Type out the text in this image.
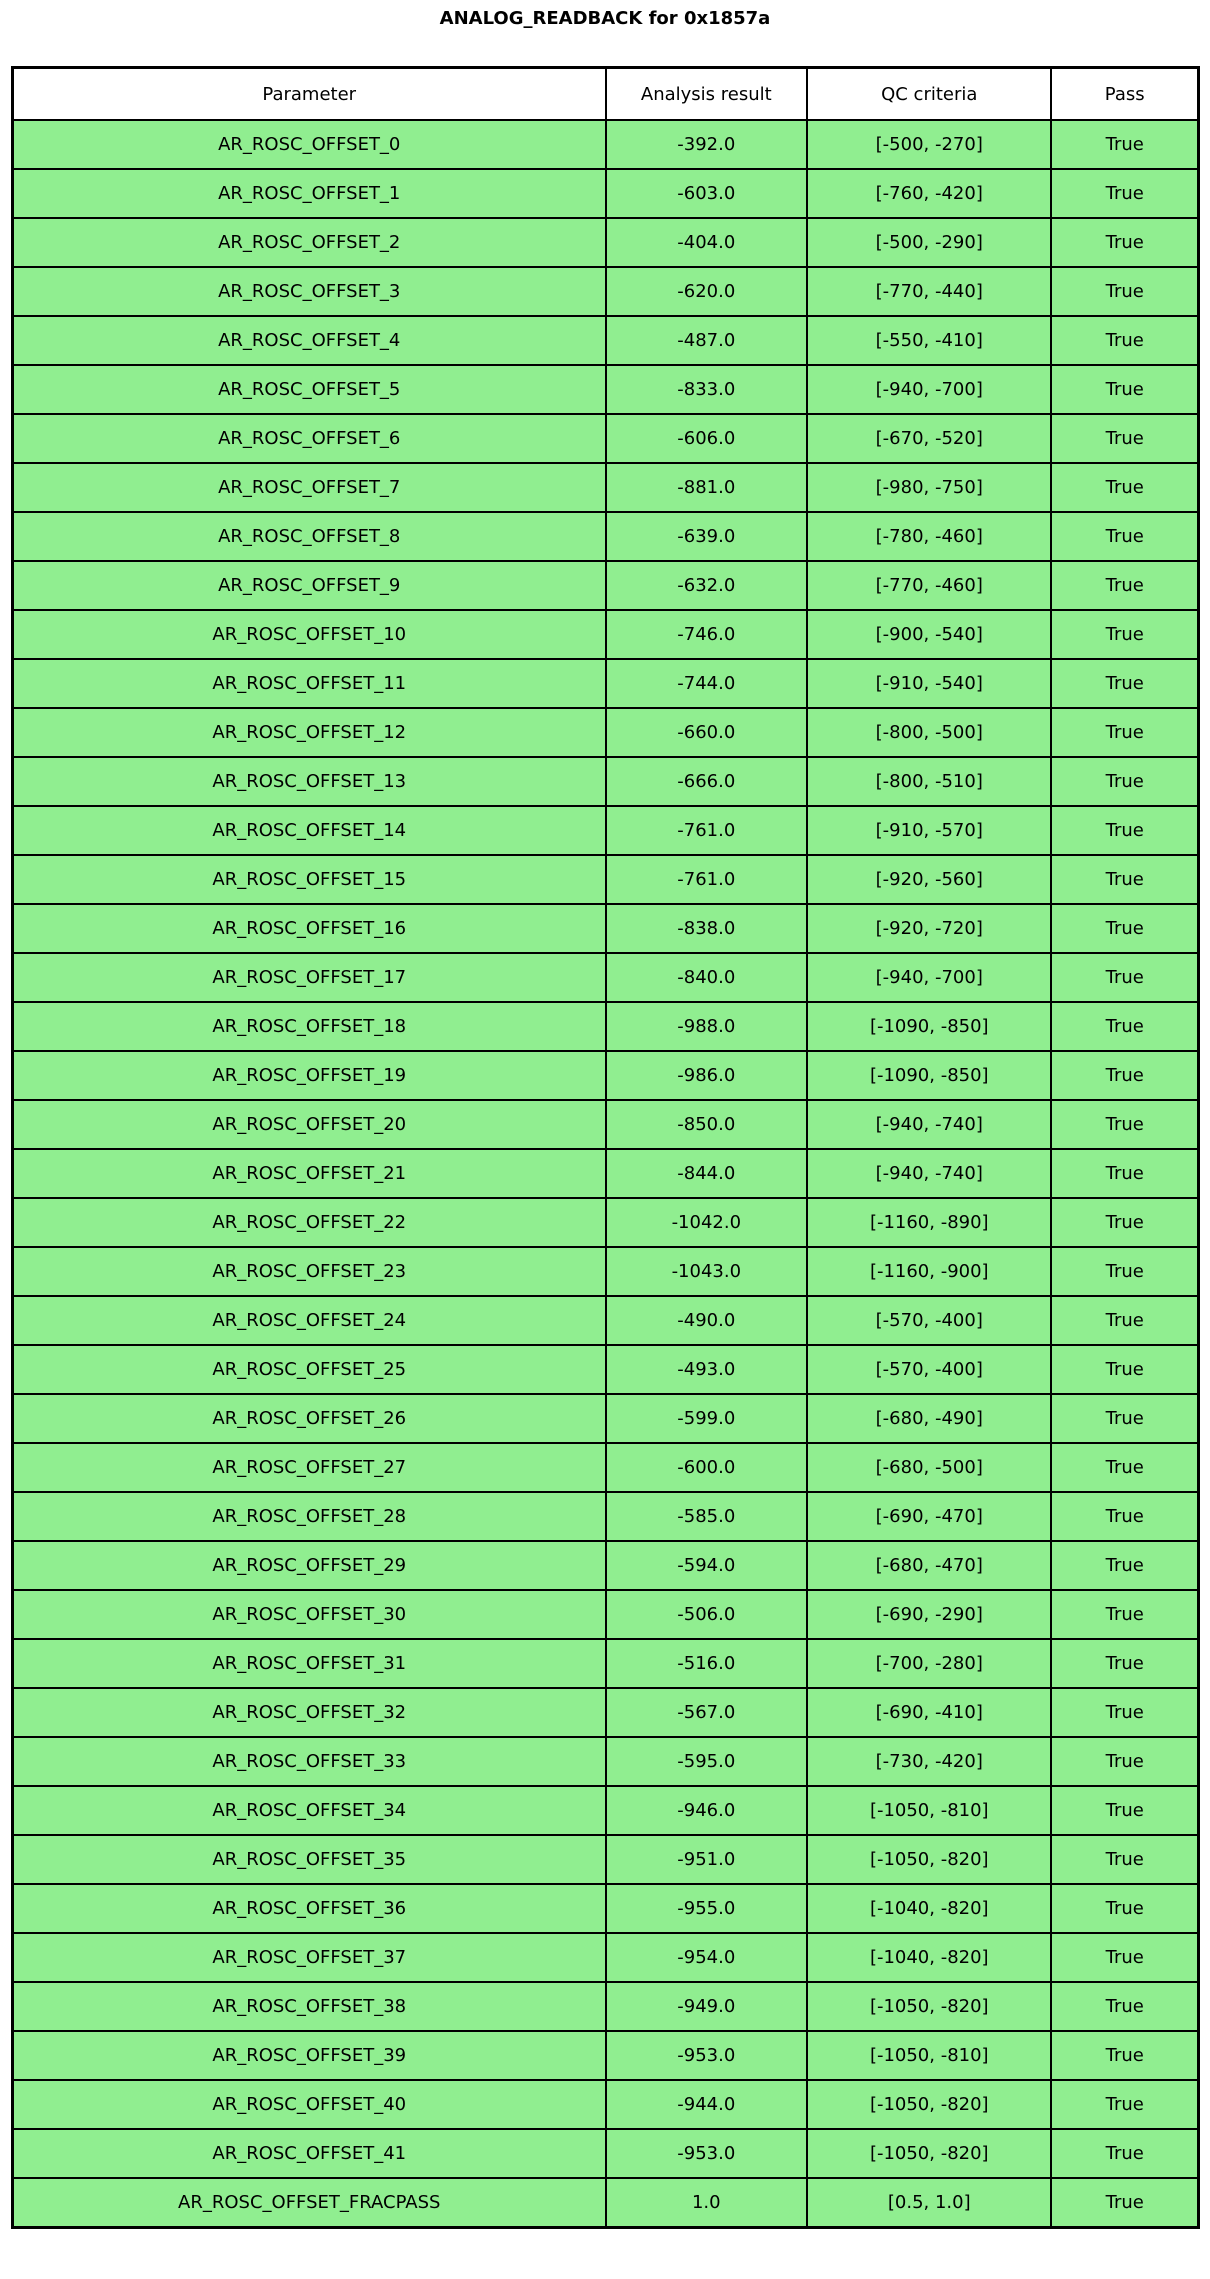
ANALOG_READBACK for 0x1857a
Parameter	Analysis result	QC criteria	Pass
AR_ROSC_OFFSET_0	-392.0	[-500, -270]	True
AR_ROSC_OFFSET_1	-603.0	[-760, -420]	True
AR_ROSC_OFFSET_2	-404.0	[-500, -290]	True
AR_ROSC_OFFSET_3	-620.0	[-770, -440]	True
AR_ROSC_OFFSET_4	-487.0	[-550, -410]	True
AR_ROSC_OFFSET_5	-833.0	[-940, -700]	True
AR_ROSC_OFFSET_6	-606.0	[-670, -520]	True
AR_ROSC_OFFSET_7	-881.0	[-980, -750]	True
AR_ROSC_OFFSET_8	-639.0	[-780, -460]	True
AR_ROSC_OFFSET_9	-632.0	[-770, -460]	True
AR_ROSC_OFFSET_10	-746.0	[-900, -540]	True
AR_ROSC_OFFSET_11	-744.0	[-910, -540]	True
AR_ROSC_OFFSET_12	-660.0	[-800, -500]	True
AR_ROSC_OFFSET_13	-666.0	[-800, -510]	True
AR_ROSC_OFFSET_14	-761.0	[-910, -570]	True
AR_ROSC_OFFSET_15	-761.0	[-920, -560]	True
AR_ROSC_OFFSET_16	-838.0	[-920, -720]	True
AR_ROSC_OFFSET_17	-840.0	[-940, -700]	True
AR_ROSC_OFFSET_18	-988.0	[-1090, -850]	True
AR_ROSC_OFFSET_19	-986.0	[-1090, -850]	True
AR_ROSC_OFFSET_20	-850.0	[-940, -740]	True
AR_ROSC_OFFSET_21	-844.0	[-940, -740]	True
AR_ROSC_OFFSET_22	-1042.0	[-1160, -890]	True
AR_ROSC_OFFSET_23	-1043.0	[-1160, -900]	True
AR_ROSC_OFFSET_24	-490.0	[-570, -400]	True
AR_ROSC_OFFSET_25	-493.0	[-570, -400]	True
AR_ROSC_OFFSET_26	-599.0	[-680, -490]	True
AR_ROSC_OFFSET_27	-600.0	[-680, -500]	True
AR_ROSC_OFFSET_28	-585.0	[-690, -470]	True
AR_ROSC_OFFSET_29	-594.0	[-680, -470]	True
AR_ROSC_OFFSET_30	-506.0	[-690, -290]	True
AR_ROSC_OFFSET_31	-516.0	[-700, -280]	True
AR_ROSC_OFFSET_32	-567.0	[-690, -410]	True
AR_ROSC_OFFSET_33	-595.0	[-730, -420]	True
AR_ROSC_OFFSET_34	-946.0	[-1050, -810]	True
AR_ROSC_OFFSET_35	-951.0	[-1050, -820]	True
AR_ROSC_OFFSET_36	-955.0	[-1040, -820]	True
AR_ROSC_OFFSET_37	-954.0	[-1040, -820]	True
AR_ROSC_OFFSET_38	-949.0	[-1050, -820]	True
AR_ROSC_OFFSET_39	-953.0	[-1050, -810]	True
AR_ROSC_OFFSET_40	-944.0	[-1050, -820]	True
AR_ROSC_OFFSET_41	-953.0	[-1050, -820]	True
AR_ROSC_OFFSET_FRACPASS	1.0	[0.5, 1.0]	True
